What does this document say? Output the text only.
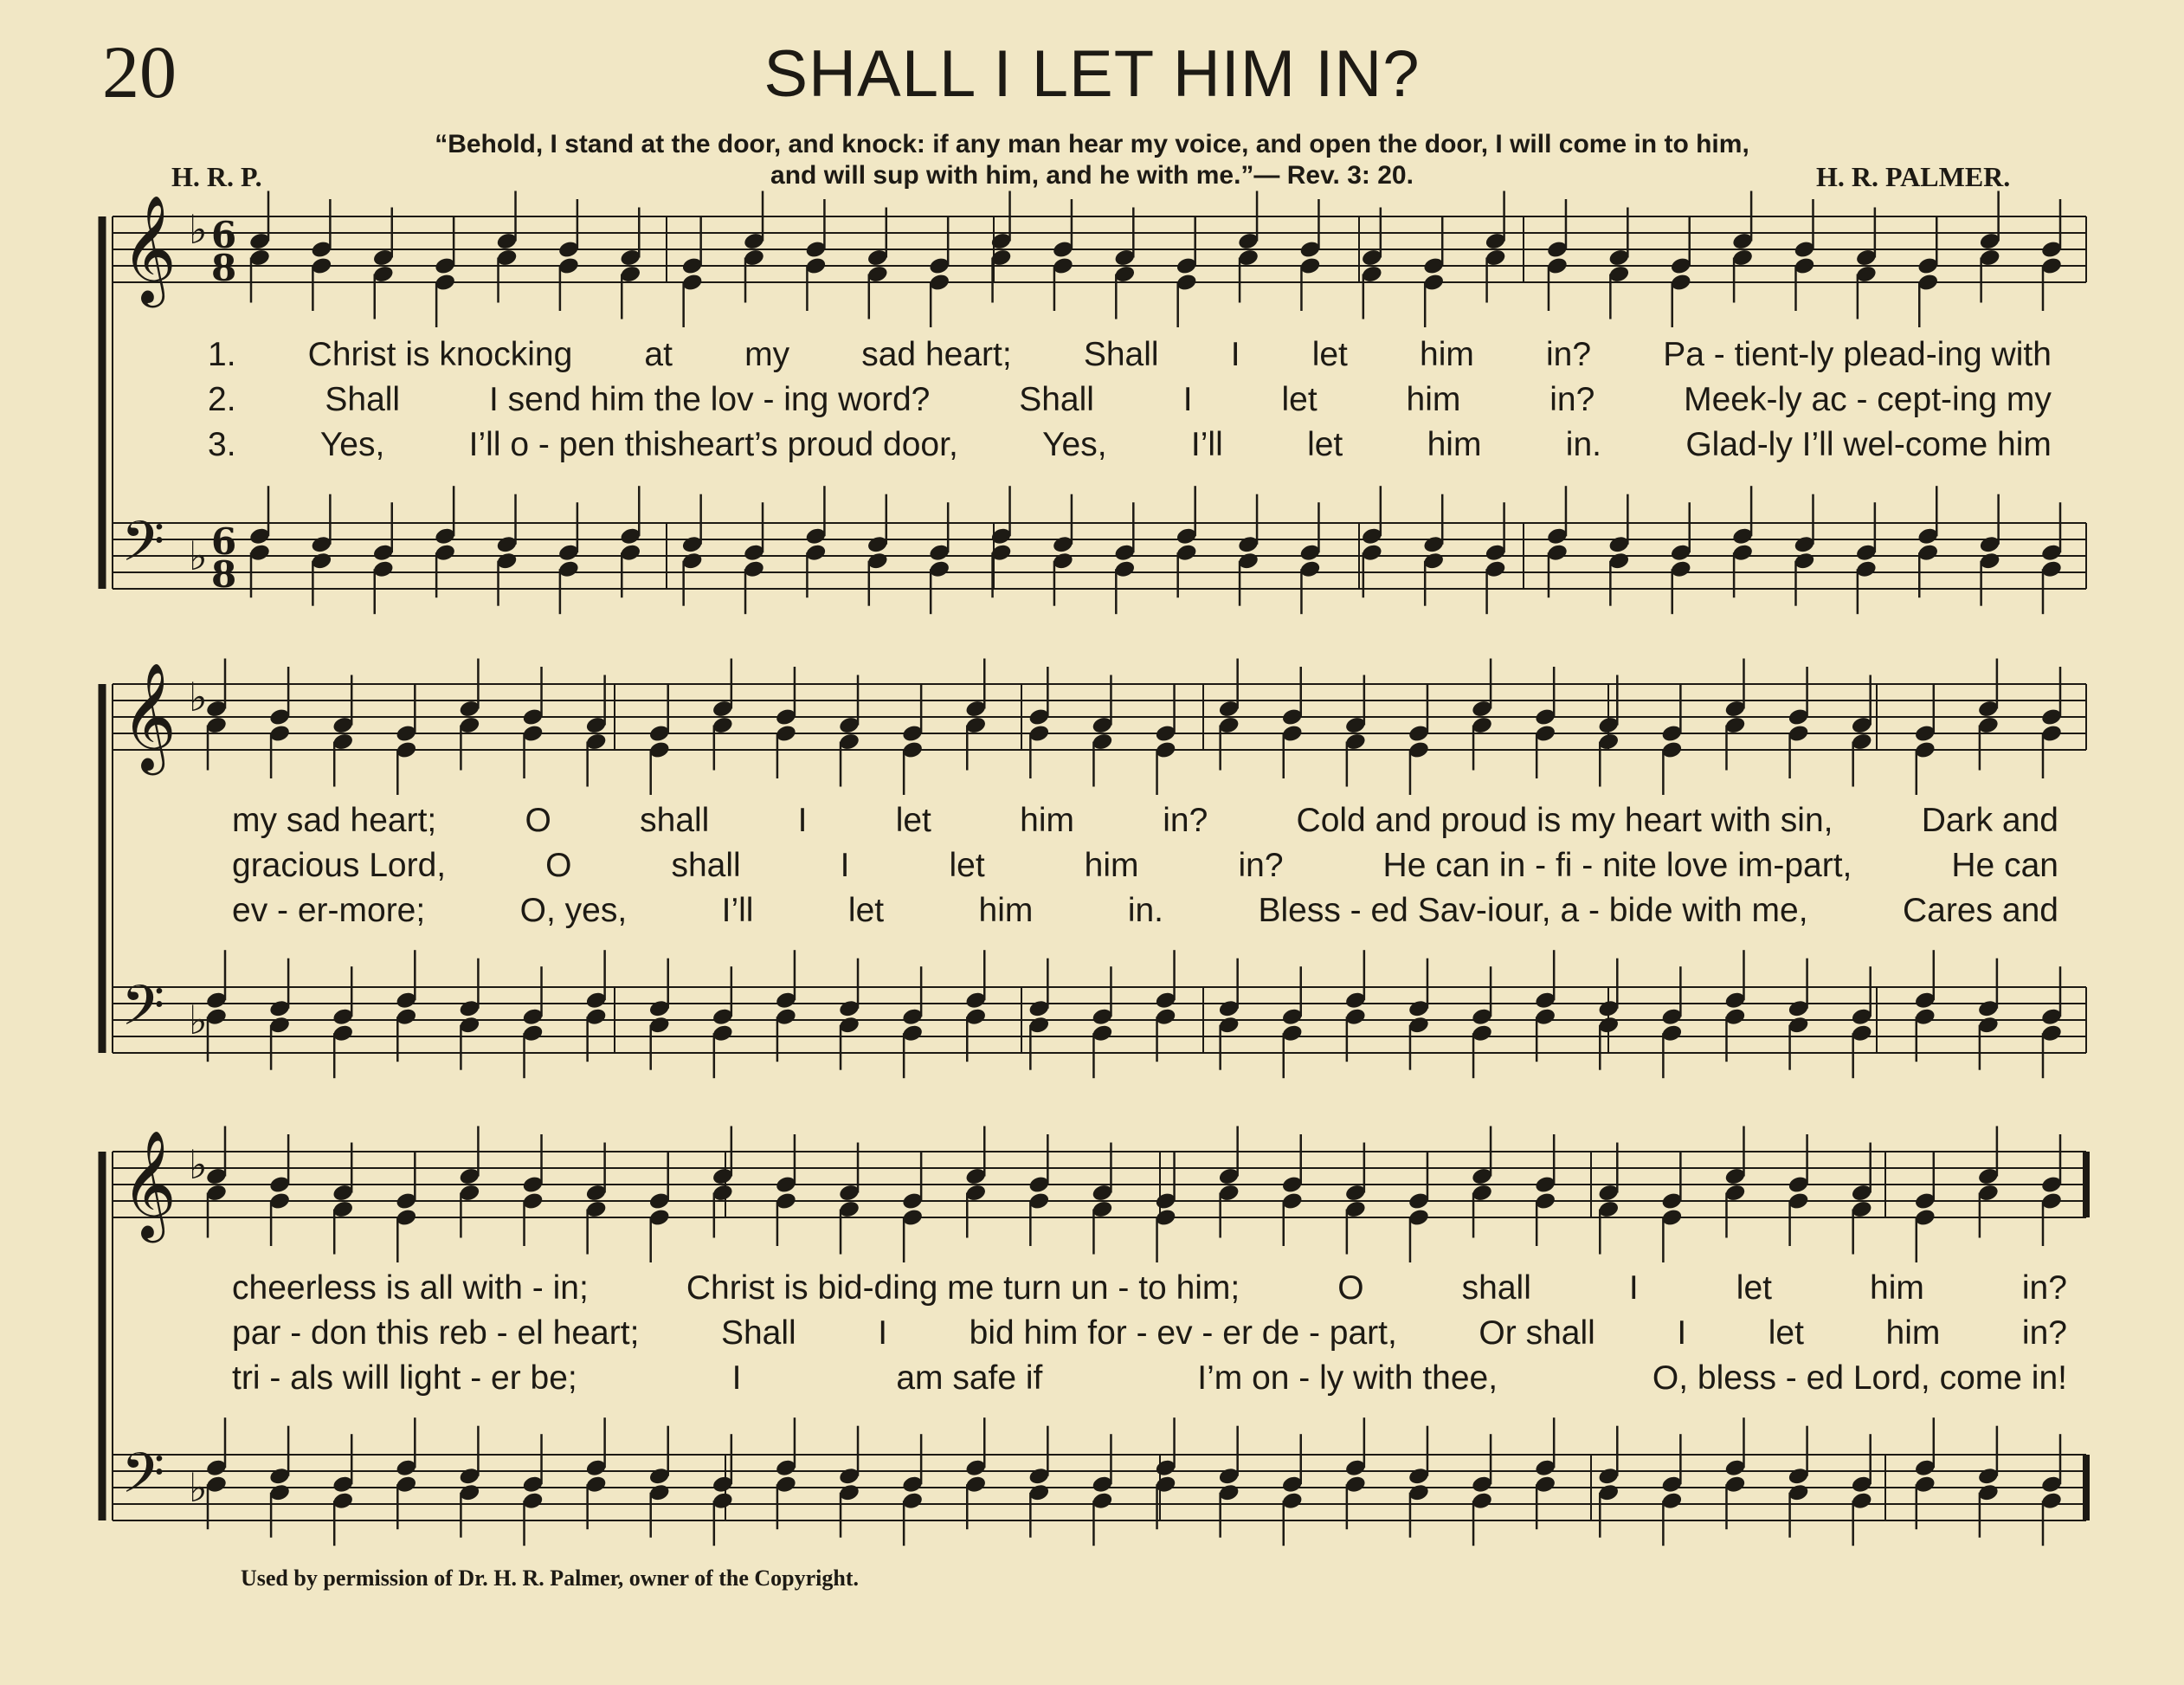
20	SHALL I LET HIM IN?
“Behold, I stand at the door, and knock: if any man hear my voice, and open the door, I will come in to him,
and will sup with him, and he with me.”— Rev. 3: 20.
H. R. P.	H. R. PALMER.
𝄞 ♭ 6
8
𝄢 ♭ 6
8
𝄞 ♭
𝄢 ♭
𝄞 ♭
𝄢 ♭
1. Christ is knocking at my sad heart; Shall I let him in? Pa - tient-ly plead-ing with
2.	Shall	I send him the lov - ing word?	Shall	I	let	him	in?	Meek-ly ac - cept-ing my
3. Yes, I’ll o - pen thisheart’s proud door, Yes, I’ll let him in. Glad-ly I’ll wel-come him
my sad heart;	O	shall	I	let	him	in?	Cold and proud is my heart with sin,	Dark and
gracious Lord,	O	shall	I	let	him	in?	He can in - fi - nite love im-part,	He can
ev - er-more;	O, yes,	I’ll	let	him	in.	Bless - ed Sav-iour, a - bide with me,	Cares and
cheerless is all with - in;	Christ is bid-ding me turn un - to him;	O	shall	I	let	him	in?
par - don this reb - el heart; Shall I bid him for - ev - er de - part, Or shall I let him in?
tri - als will light - er be;	I	am safe if	I’m on - ly with thee,	O, bless - ed Lord, come in!
Used by permission of Dr. H. R. Palmer, owner of the Copyright.
